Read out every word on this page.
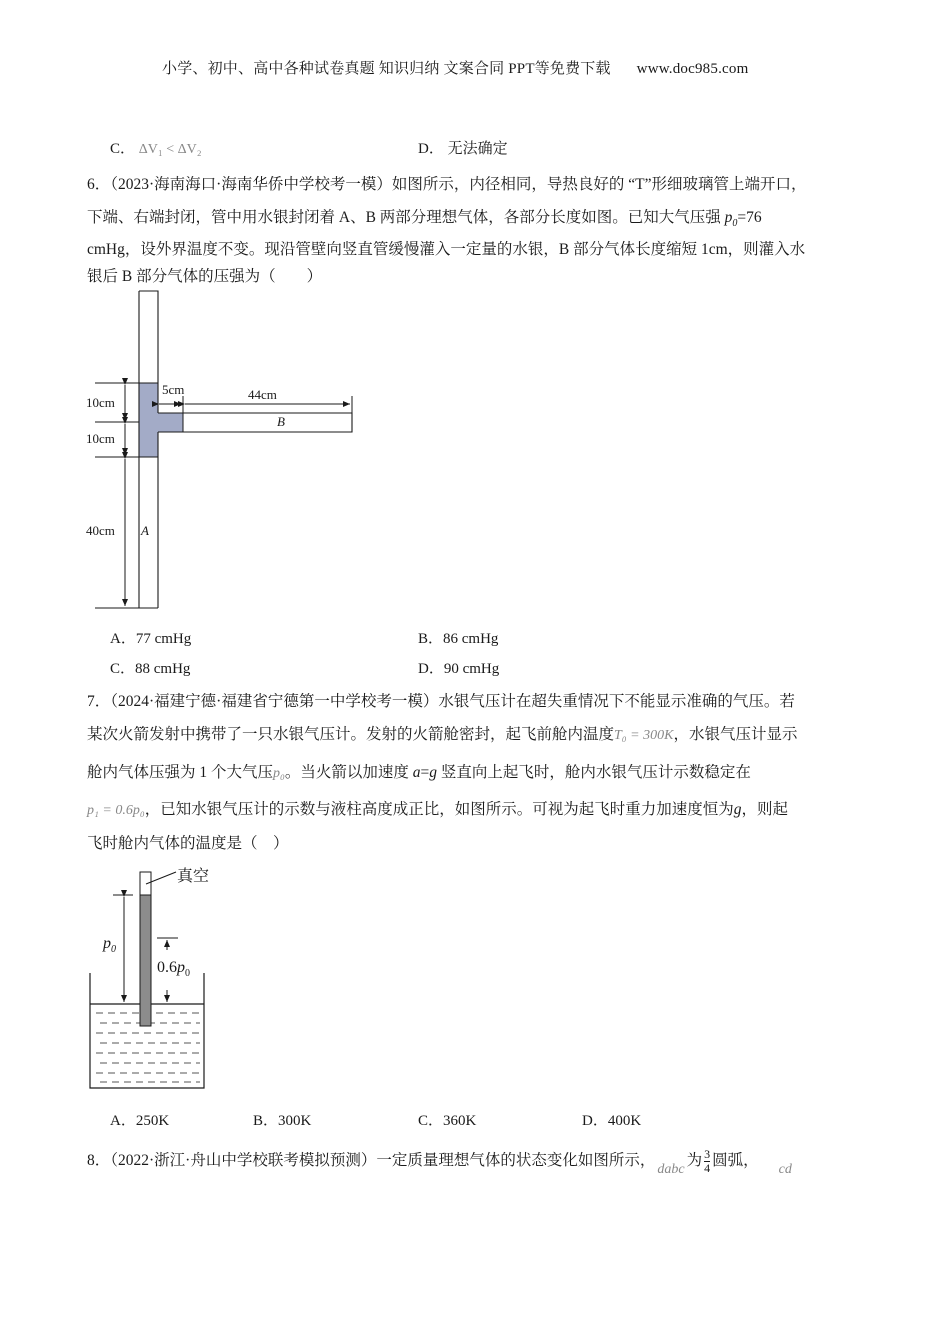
小学、初中、高中各种试卷真题 知识归纳 文案合同 PPT等免费下载 www.doc985.com
C． ΔV₁ < ΔV₂	D． 无法确定
6．（2023·海南海口·海南华侨中学校考一模）如图所示，内径相同，导热良好的 “T”形细玻璃管上端开口，
下端、右端封闭，管中用水银封闭着 A、B 两部分理想气体，各部分长度如图。已知大气压强 $p_0=76$
cmHg，设外界温度不变。现沿管壁向竖直管缓慢灌入一定量的水银，B 部分气体长度缩短 1cm，则灌入水
银后 B 部分气体的压强为（　　）
10cm
10cm
40cm
5cm	44cm
B
A
A．77 cmHg	B．86 cmHg
C．88 cmHg	D．90 cmHg
7．（2024·福建宁德·福建省宁德第一中学校考一模）水银气压计在超失重情况下不能显示准确的气压。若
某次火箭发射中携带了一只水银气压计。发射的火箭舱密封，起飞前舱内温度T₀ = 300K，水银气压计显示
舱内气体压强为 1 个大气压p₀。当火箭以加速度 a=g 竖直向上起飞时，舱内水银气压计示数稳定在
p₁ = 0.6p₀，已知水银气压计的示数与液柱高度成正比，如图所示。可视为起飞时重力加速度恒为g，则起
飞时舱内气体的温度是（　）
真空
$p_0$
$0.6p_0$
A．250K	B．300K	C．360K	D．400K
8．（2022·浙江·舟山中学校联考模拟预测）一定质量理想气体的状态变化如图所示，dabc为 $\frac{3}{4}$ 圆弧，cd
